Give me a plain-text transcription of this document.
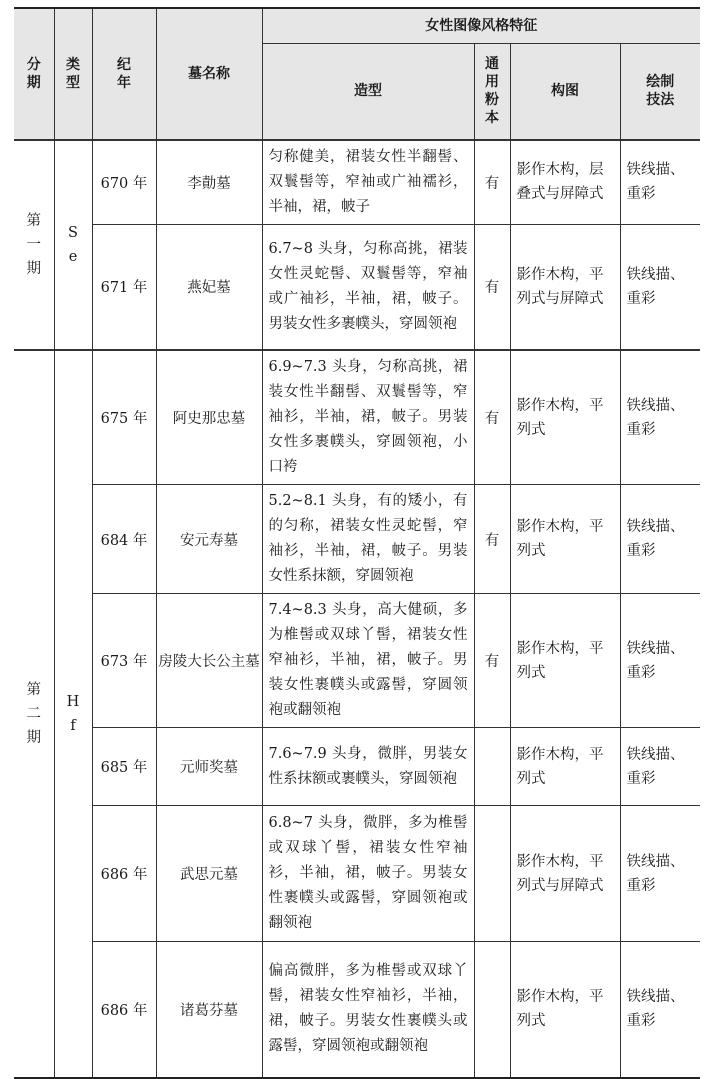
分期	类型	纪年	墓名称	女性图像风格特征			
				造型	通用粉本	构图	绘制技法
第一期	Se	670 年	李勣墓	匀称健美，裙装女性半翻髻、双鬟髻等，窄袖或广袖襦衫，半袖，裙，帔子	有	影作木构，层叠式与屏障式	铁线描、重彩
		671 年	燕妃墓	6.7~8 头身，匀称高挑，裙装女性灵蛇髻、双鬟髻等，窄袖或广袖衫，半袖，裙，帔子。男装女性多裹幞头，穿圆领袍	有	影作木构，平列式与屏障式	铁线描、重彩
第二期	Hf	675 年	阿史那忠墓	6.9~7.3 头身，匀称高挑，裙装女性半翻髻、双鬟髻等，窄袖衫，半袖，裙，帔子。男装女性多裹幞头，穿圆领袍，小口袴	有	影作木构，平列式	铁线描、重彩
		684 年	安元寿墓	5.2~8.1 头身，有的矮小，有的匀称，裙装女性灵蛇髻，窄袖衫，半袖，裙，帔子。男装女性系抹额，穿圆领袍	有	影作木构，平列式	铁线描、重彩
		673 年	房陵大长公主墓	7.4~8.3 头身，高大健硕，多为椎髻或双球丫髻，裙装女性窄袖衫，半袖，裙，帔子。男装女性裹幞头或露髻，穿圆领袍或翻领袍	有	影作木构，平列式	铁线描、重彩
		685 年	元师奖墓	7.6~7.9 头身，微胖，男装女性系抹额或裹幞头，穿圆领袍		影作木构，平列式	铁线描、重彩
		686 年	武思元墓	6.8~7 头身，微胖，多为椎髻或双球丫髻，裙装女性窄袖衫，半袖，裙，帔子。男装女性裹幞头或露髻，穿圆领袍或翻领袍		影作木构，平列式与屏障式	铁线描、重彩
		686 年	诸葛芬墓	偏高微胖，多为椎髻或双球丫髻，裙装女性窄袖衫，半袖，裙，帔子。男装女性裹幞头或露髻，穿圆领袍或翻领袍		影作木构，平列式	铁线描、重彩
